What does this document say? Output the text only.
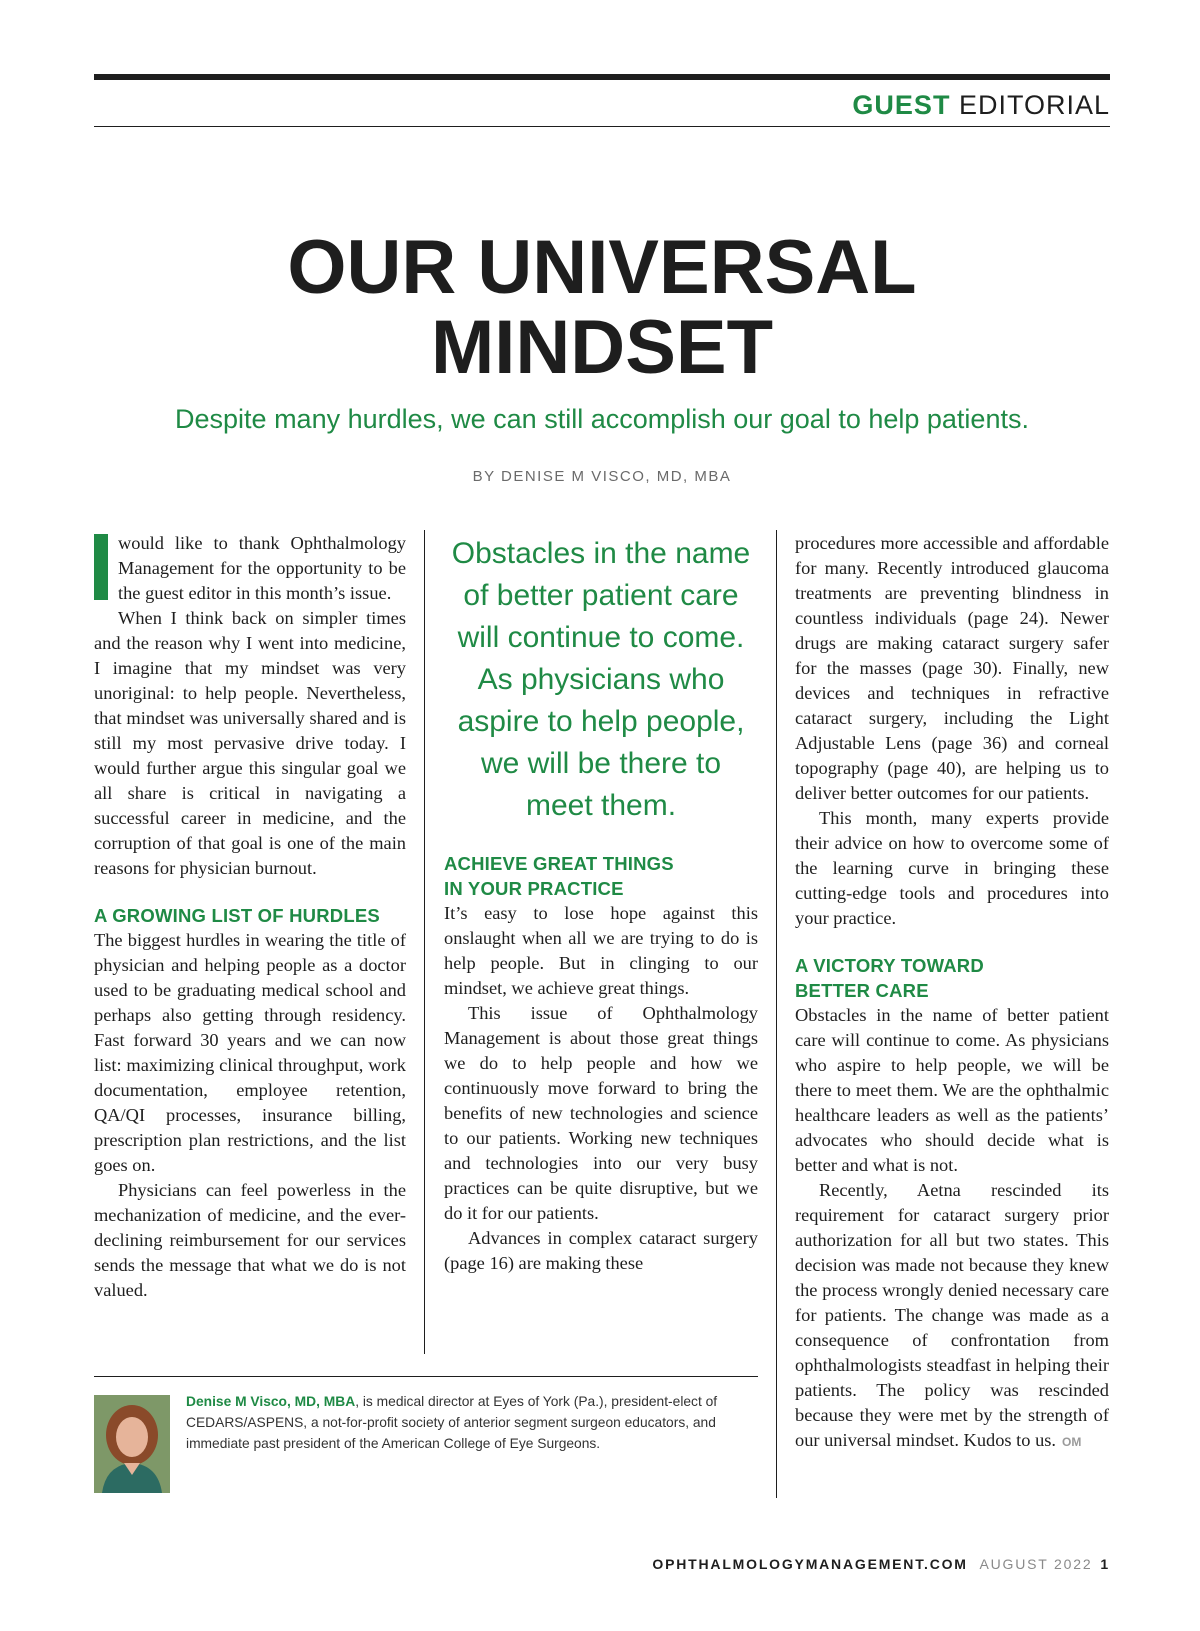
GUEST EDITORIAL
OUR UNIVERSAL
MINDSET
Despite many hurdles, we can still accomplish our goal to help patients.
BY DENISE M VISCO, MD, MBA

would like to thank Ophthalmology Management for the opportunity to be the guest editor in this month’s issue.

When I think back on simpler times and the reason why I went into medicine, I imagine that my mindset was very unoriginal: to help people. Nevertheless, that mindset was universally shared and is still my most pervasive drive today. I would further argue this singular goal we all share is critical in navigating a successful career in medicine, and the corruption of that goal is one of the main reasons for physician burnout.

A GROWING LIST OF HURDLES

The biggest hurdles in wearing the title of physician and helping people as a doctor used to be graduating medical school and perhaps also getting through residency. Fast forward 30 years and we can now list: maximizing clinical throughput, work documentation, employee retention, QA/QI processes, insurance billing, prescription plan restrictions, and the list goes on.

Physicians can feel powerless in the mechanization of medicine, and the ever-declining reimbursement for our services sends the message that what we do is not valued.

Obstacles in the name of better patient care will continue to come. As physicians who aspire to help people, we will be there to meet them.
ACHIEVE GREAT THINGS
IN YOUR PRACTICE

It’s easy to lose hope against this onslaught when all we are trying to do is help people. But in clinging to our mindset, we achieve great things.

This issue of Ophthalmology Management is about those great things we do to help people and how we continuously move forward to bring the benefits of new technologies and science to our patients. Working new techniques and technologies into our very busy practices can be quite disruptive, but we do it for our patients.

Advances in complex cataract surgery (page 16) are making these

procedures more accessible and affordable for many. Recently introduced glaucoma treatments are preventing blindness in countless individuals (page 24). Newer drugs are making cataract surgery safer for the masses (page 30). Finally, new devices and techniques in refractive cataract surgery, including the Light Adjustable Lens (page 36) and corneal topography (page 40), are helping us to deliver better outcomes for our patients.

This month, many experts provide their advice on how to overcome some of the learning curve in bringing these cutting-edge tools and procedures into your practice.

A VICTORY TOWARD
BETTER CARE

Obstacles in the name of better patient care will continue to come. As physicians who aspire to help people, we will be there to meet them. We are the ophthalmic healthcare leaders as well as the patients’ advocates who should decide what is better and what is not.

Recently, Aetna rescinded its requirement for cataract surgery prior authorization for all but two states. This decision was made not because they knew the process wrongly denied necessary care for patients. The change was made as a consequence of confrontation from ophthalmologists steadfast in helping their patients. The policy was rescinded because they were met by the strength of our universal mindset. Kudos to us. OM

Denise M Visco, MD, MBA, is medical director at Eyes of York (Pa.), president-elect of CEDARS/ASPENS, a not-for-profit society of anterior segment surgeon educators, and immediate past president of the American College of Eye Surgeons.
OPHTHALMOLOGYMANAGEMENT.COM AUGUST 2022 1
